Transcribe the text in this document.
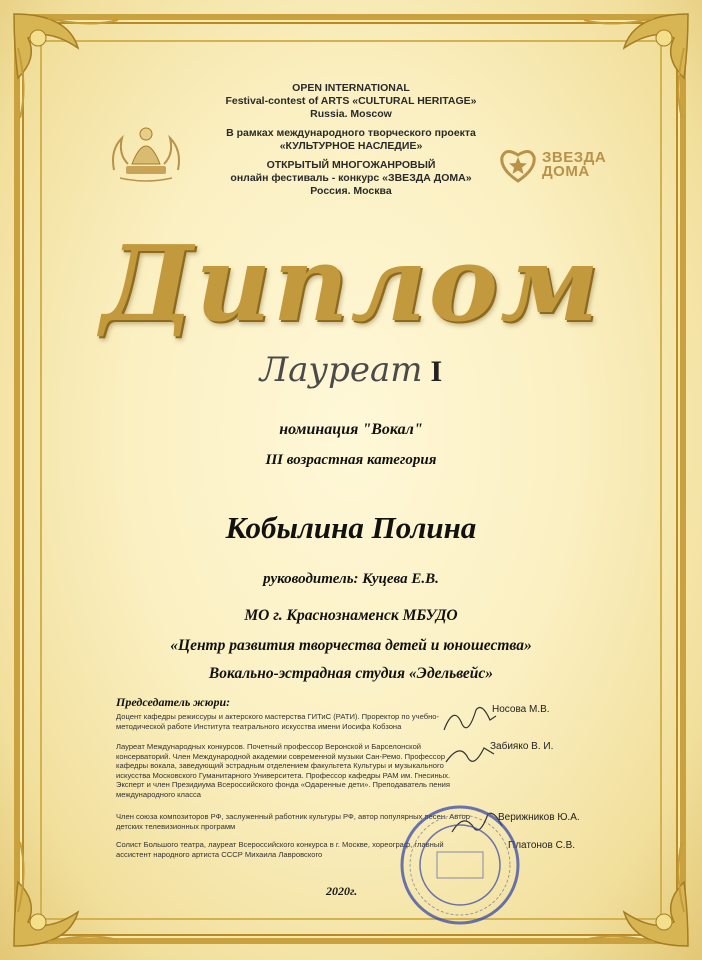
OPEN INTERNATIONAL
Festival-contest of ARTS «CULTURAL HERITAGE»
Russia. Moscow
В рамках международного творческого проекта
«КУЛЬТУРНОЕ НАСЛЕДИЕ»
ОТКРЫТЫЙ МНОГОЖАНРОВЫЙ
онлайн фестиваль - конкурс «ЗВЕЗДА ДОМА»
Россия. Москва
ЗВЕЗДА
ДОМА
Диплом
Лауреат I
номинация "Вокал"
III возрастная категория
Кобылина Полина
руководитель: Куцева Е.В.
МО г. Краснознаменск МБУДО
«Центр развития творчества детей и юношества»
Вокально-эстрадная студия «Эдельвейс»
Председатель жюри:
Доцент кафедры режиссуры и актерского мастерства ГИТиС (РАТИ). Проректор по учебно-методической работе Института театрального искусства имени Иосифа Кобзона
Носова М.В.
Лауреат Международных конкурсов. Почетный профессор Веронской и Барселонской консерваторий. Член Международной академии современной музыки Сан-Ремо. Профессор кафедры вокала, заведующий эстрадным отделением факультета Культуры и музыкального искусства Московского Гуманитарного Университета. Профессор кафедры РАМ им. Гнесиных. Эксперт и член Президиума Всероссийского фонда «Одаренные дети». Преподаватель пения международного класса
Забияко В. И.
Член союза композиторов РФ, заслуженный работник культуры РФ, автор популярных песен. Автор детских телевизионных программ
Верижников Ю.А.
Солист Большого театра, лауреат Всероссийского конкурса в г. Москве, хореограф, главный ассистент народного артиста СССР Михаила Лавровского
Платонов С.В.
2020г.
